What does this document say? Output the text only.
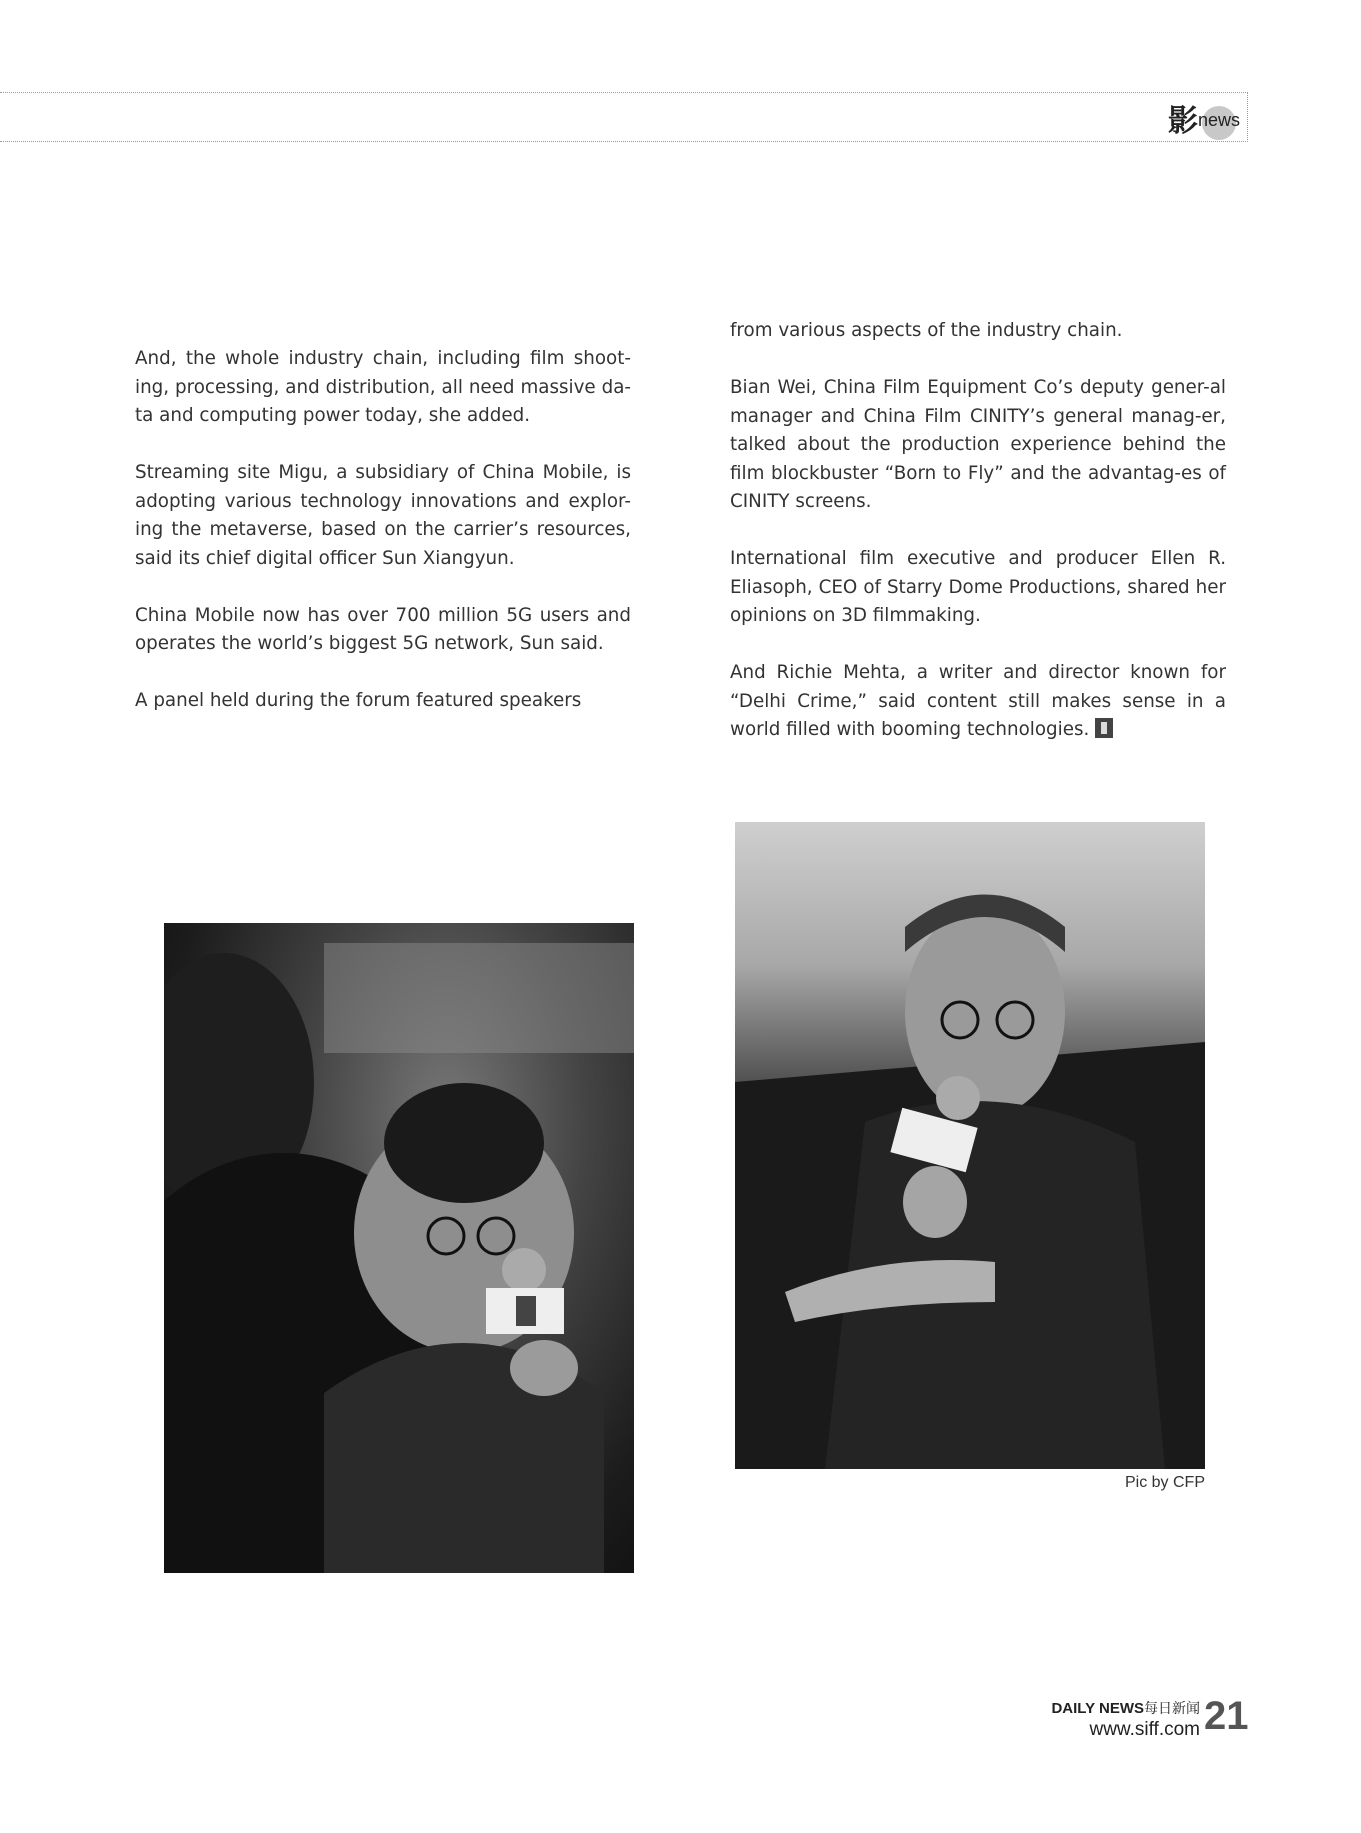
影 news

And, the whole industry chain, including film shoot-ing, processing, and distribution, all need massive da-ta and computing power today, she added.

Streaming site Migu, a subsidiary of China Mobile, is adopting various technology innovations and explor-ing the metaverse, based on the carrier’s resources, said its chief digital officer Sun Xiangyun.

China Mobile now has over 700 million 5G users and operates the world’s biggest 5G network, Sun said.

A panel held during the forum featured speakers

from various aspects of the industry chain.

Bian Wei, China Film Equipment Co’s deputy gener-al manager and China Film CINITY’s general manag-er, talked about the production experience behind the film blockbuster “Born to Fly” and the advantag-es of CINITY screens.

International film executive and producer Ellen R. Eliasoph, CEO of Starry Dome Productions, shared her opinions on 3D filmmaking.

And Richie Mehta, a writer and director known for “Delhi Crime,” said content still makes sense in a world filled with booming technologies.

Pic by CFP
DAILY NEWS每日新闻
www.siff.com 21
